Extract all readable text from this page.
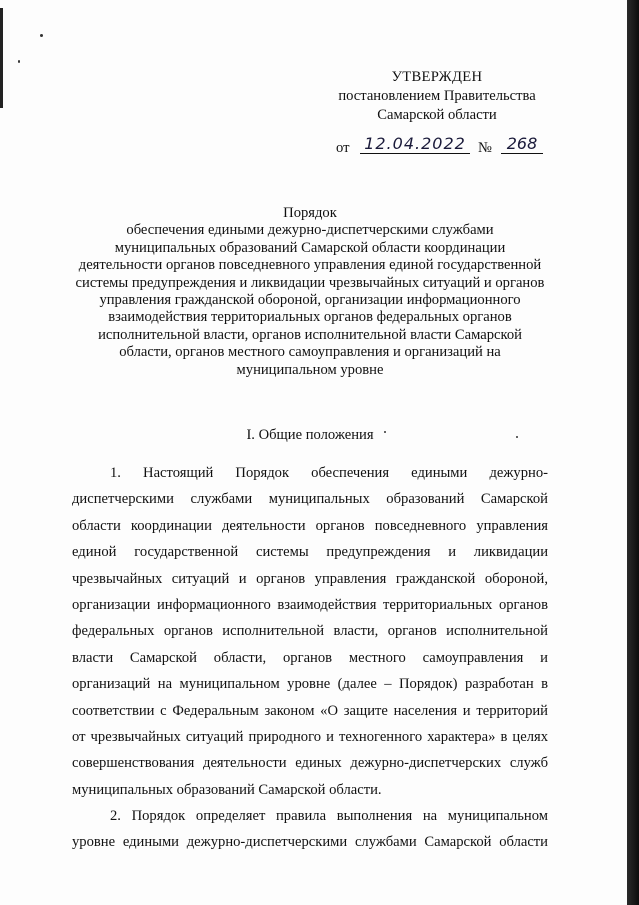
УТВЕРЖДЕН
постановлением Правительства
Самарской области
от 12.04.2022 № 268
Порядок
обеспечения едиными дежурно-диспетчерскими службами
муниципальных образований Самарской области координации
деятельности органов повседневного управления единой государственной
системы предупреждения и ликвидации чрезвычайных ситуаций и органов
управления гражданской обороной, организации информационного
взаимодействия территориальных органов федеральных органов
исполнительной власти, органов исполнительной власти Самарской
области, органов местного самоуправления и организаций на
муниципальном уровне
I. Общие положения
1. Настоящий Порядок обеспечения едиными дежурно-
диспетчерскими службами муниципальных образований Самарской
области координации деятельности органов повседневного управления
единой государственной системы предупреждения и ликвидации
чрезвычайных ситуаций и органов управления гражданской обороной,
организации информационного взаимодействия территориальных органов
федеральных органов исполнительной власти, органов исполнительной
власти Самарской области, органов местного самоуправления и
организаций на муниципальном уровне (далее – Порядок) разработан в
соответствии с Федеральным законом «О защите населения и территорий
от чрезвычайных ситуаций природного и техногенного характера» в целях
совершенствования деятельности единых дежурно-диспетчерских служб
муниципальных образований Самарской области.
2. Порядок определяет правила выполнения на муниципальном
уровне едиными дежурно-диспетчерскими службами Самарской области
